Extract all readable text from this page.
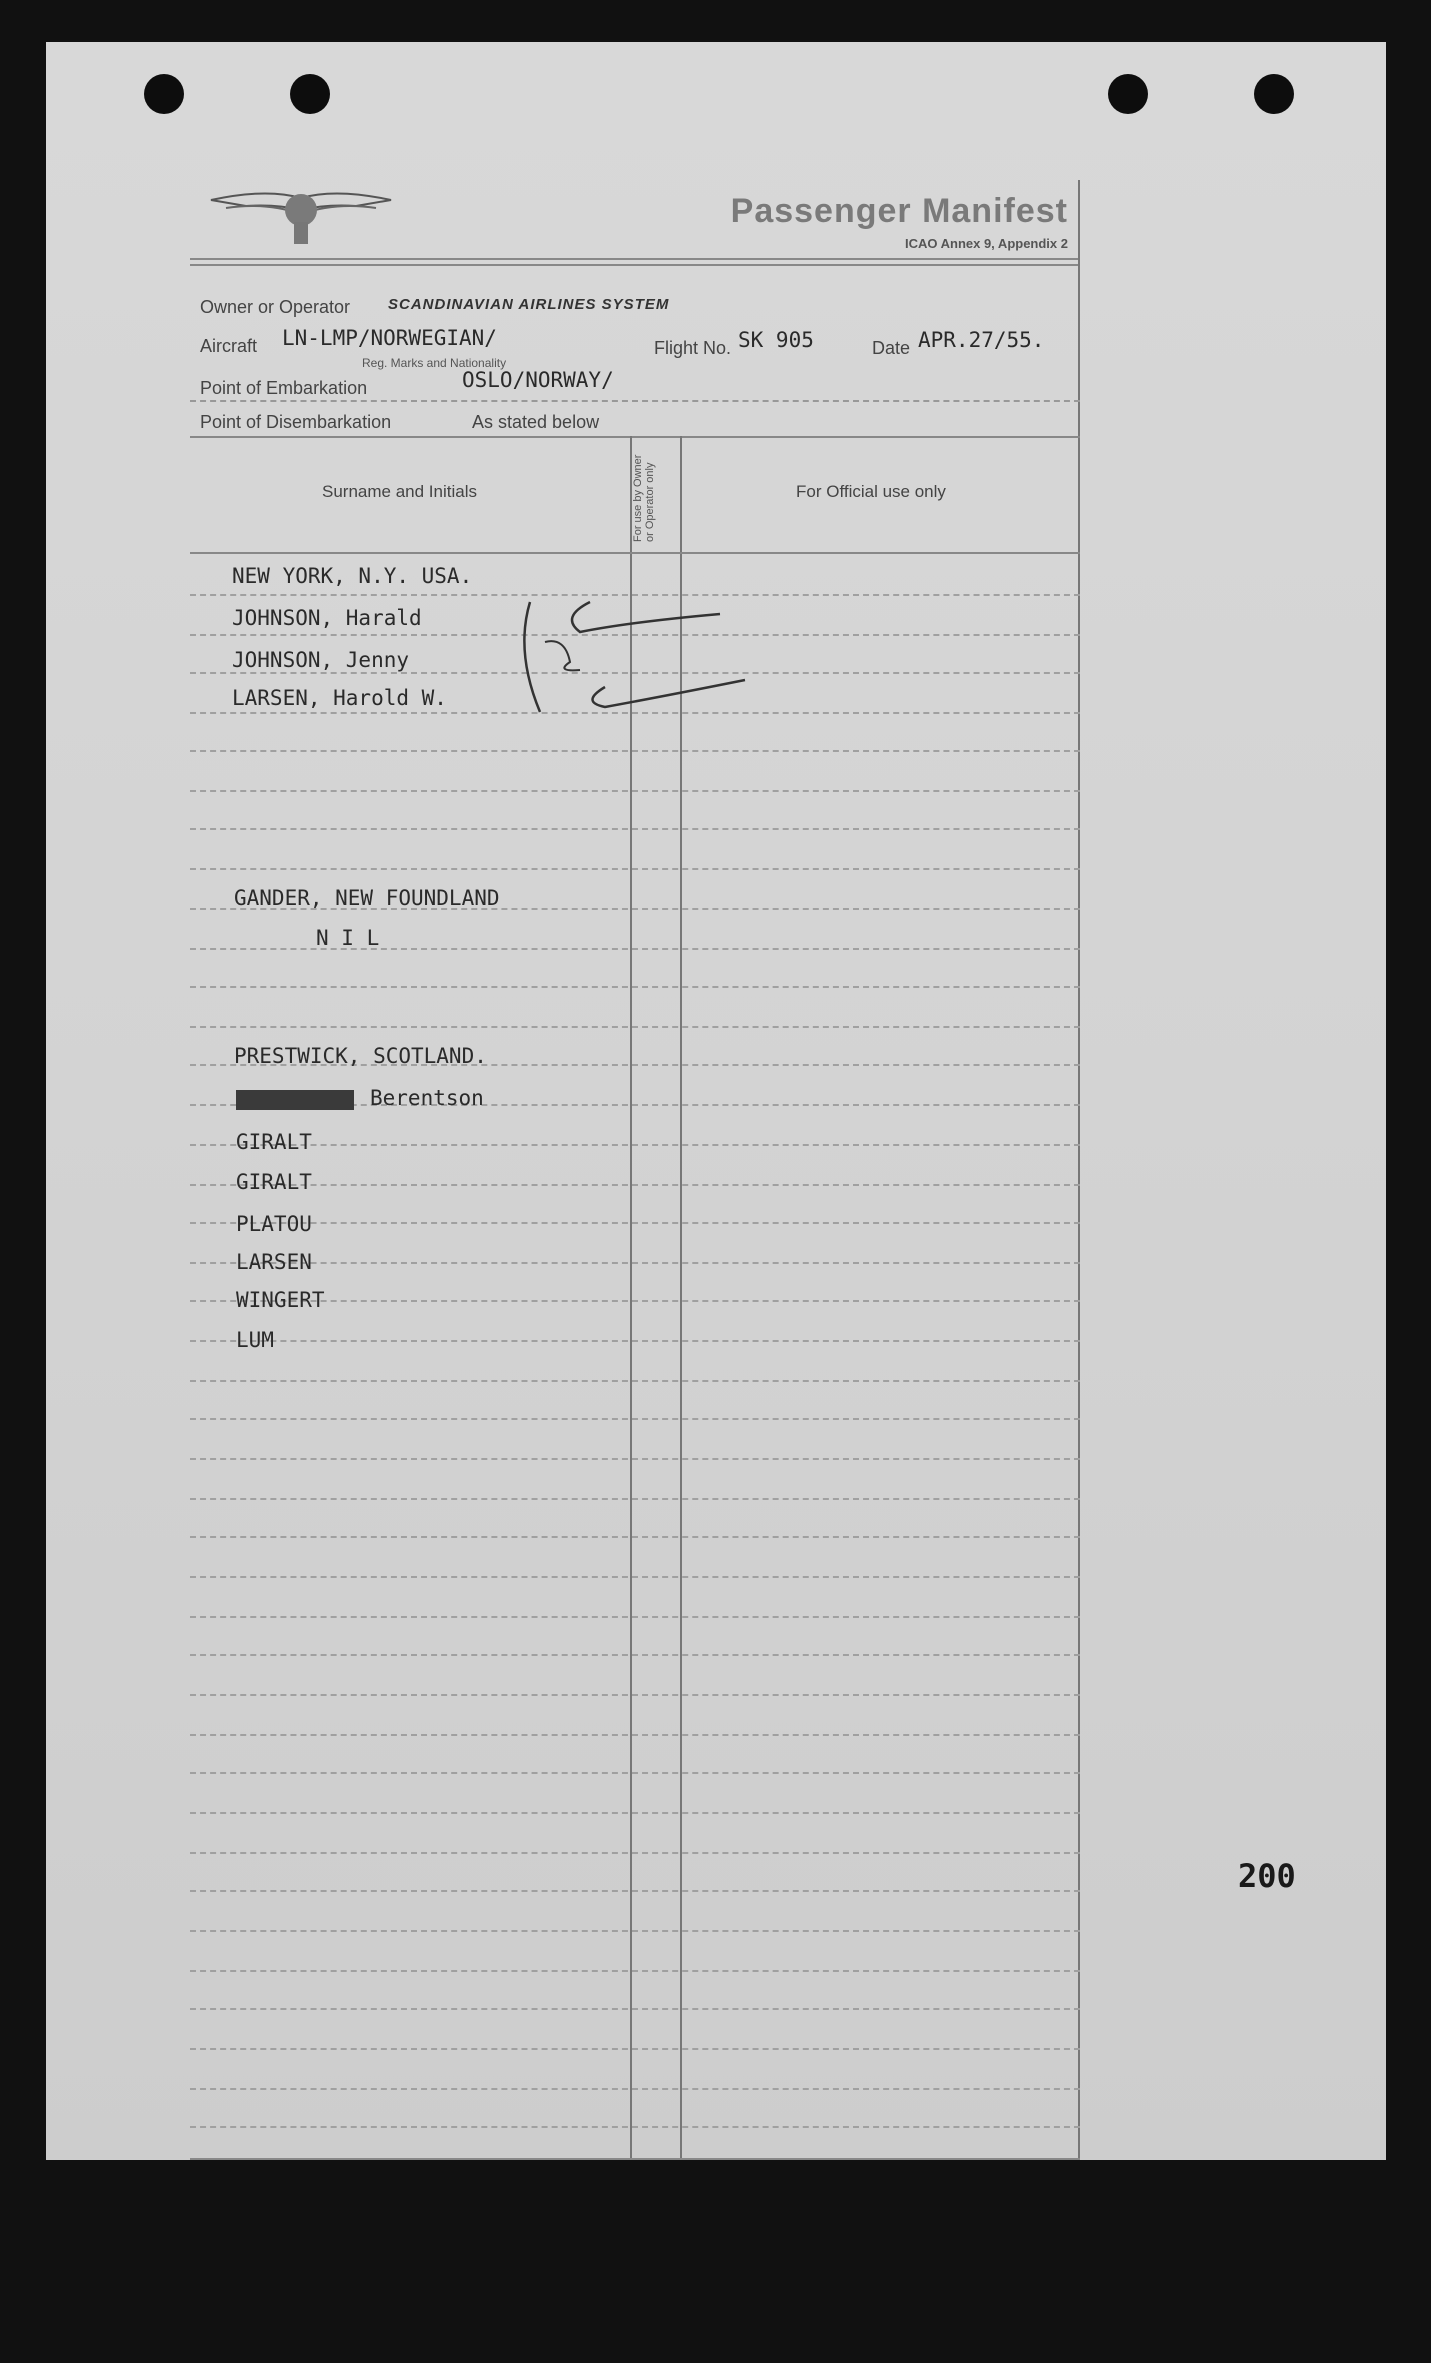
Passenger Manifest
ICAO Annex 9, Appendix 2
Owner or Operator	SCANDINAVIAN AIRLINES SYSTEM
Aircraft LN-LMP/NORWEGIAN/
Reg. Marks and Nationality
Flight No. SK 905	Date APR.27/55.
Point of Embarkation	OSLO/NORWAY/
Point of Disembarkation	As stated below
Surname and Initials	For use by Owner or Operator only	For Official use only
NEW YORK, N.Y. USA.
JOHNSON, Harald
JOHNSON, Jenny
LARSEN, Harold W.
GANDER, NEW FOUNDLAND
N I L
PRESTWICK, SCOTLAND.
Berentson
GIRALT
GIRALT
PLATOU
LARSEN
WINGERT
LUM
200
